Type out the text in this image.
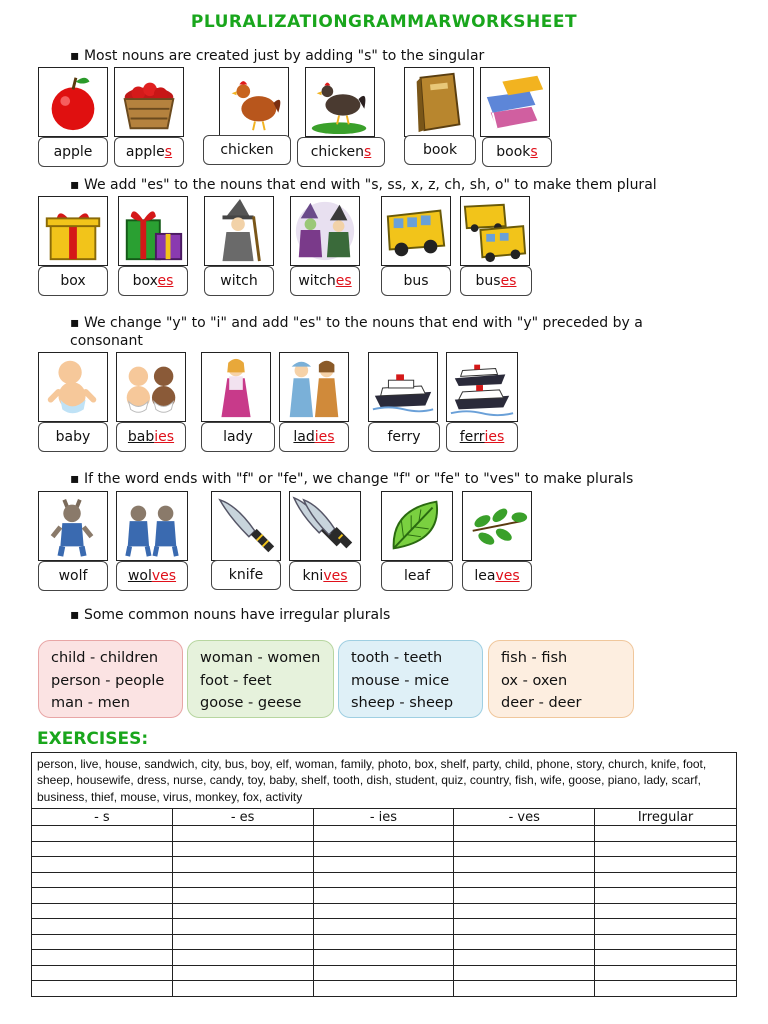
PLURALIZATIONGRAMMARWORKSHEET
▪ Most nouns are created just by adding "s" to the singular
apple	apples	chicken	chickens	book	books
▪ We add "es" to the nouns that end with "s, ss, x, z, ch, sh, o" to make them plural
box	boxes	witch	witches	bus	buses
▪ We change "y" to "i" and add "es" to the nouns that end with "y" preceded by a consonant
baby	babies	lady	ladies	ferry	ferries
▪ If the word ends with "f" or "fe", we change "f" or "fe" to "ves" to make plurals
wolf	wolves	knife	knives	leaf	leaves
▪ Some common nouns have irregular plurals
child - children
person - people
man - men
woman - women
foot - feet
goose - geese
tooth - teeth
mouse - mice
sheep - sheep
fish - fish
ox - oxen
deer - deer
EXERCISES:
person, live, house, sandwich, city, bus, boy, elf, woman, family, photo, box, shelf, party, child, phone, story, church, knife, foot, sheep, housewife, dress, nurse, candy, toy, baby, shelf, tooth, dish, student, quiz, country, fish, wife, goose, piano, lady, scarf, business, thief, mouse, virus, monkey, fox, activity				
- s	- es	- ies	- ves	Irregular
